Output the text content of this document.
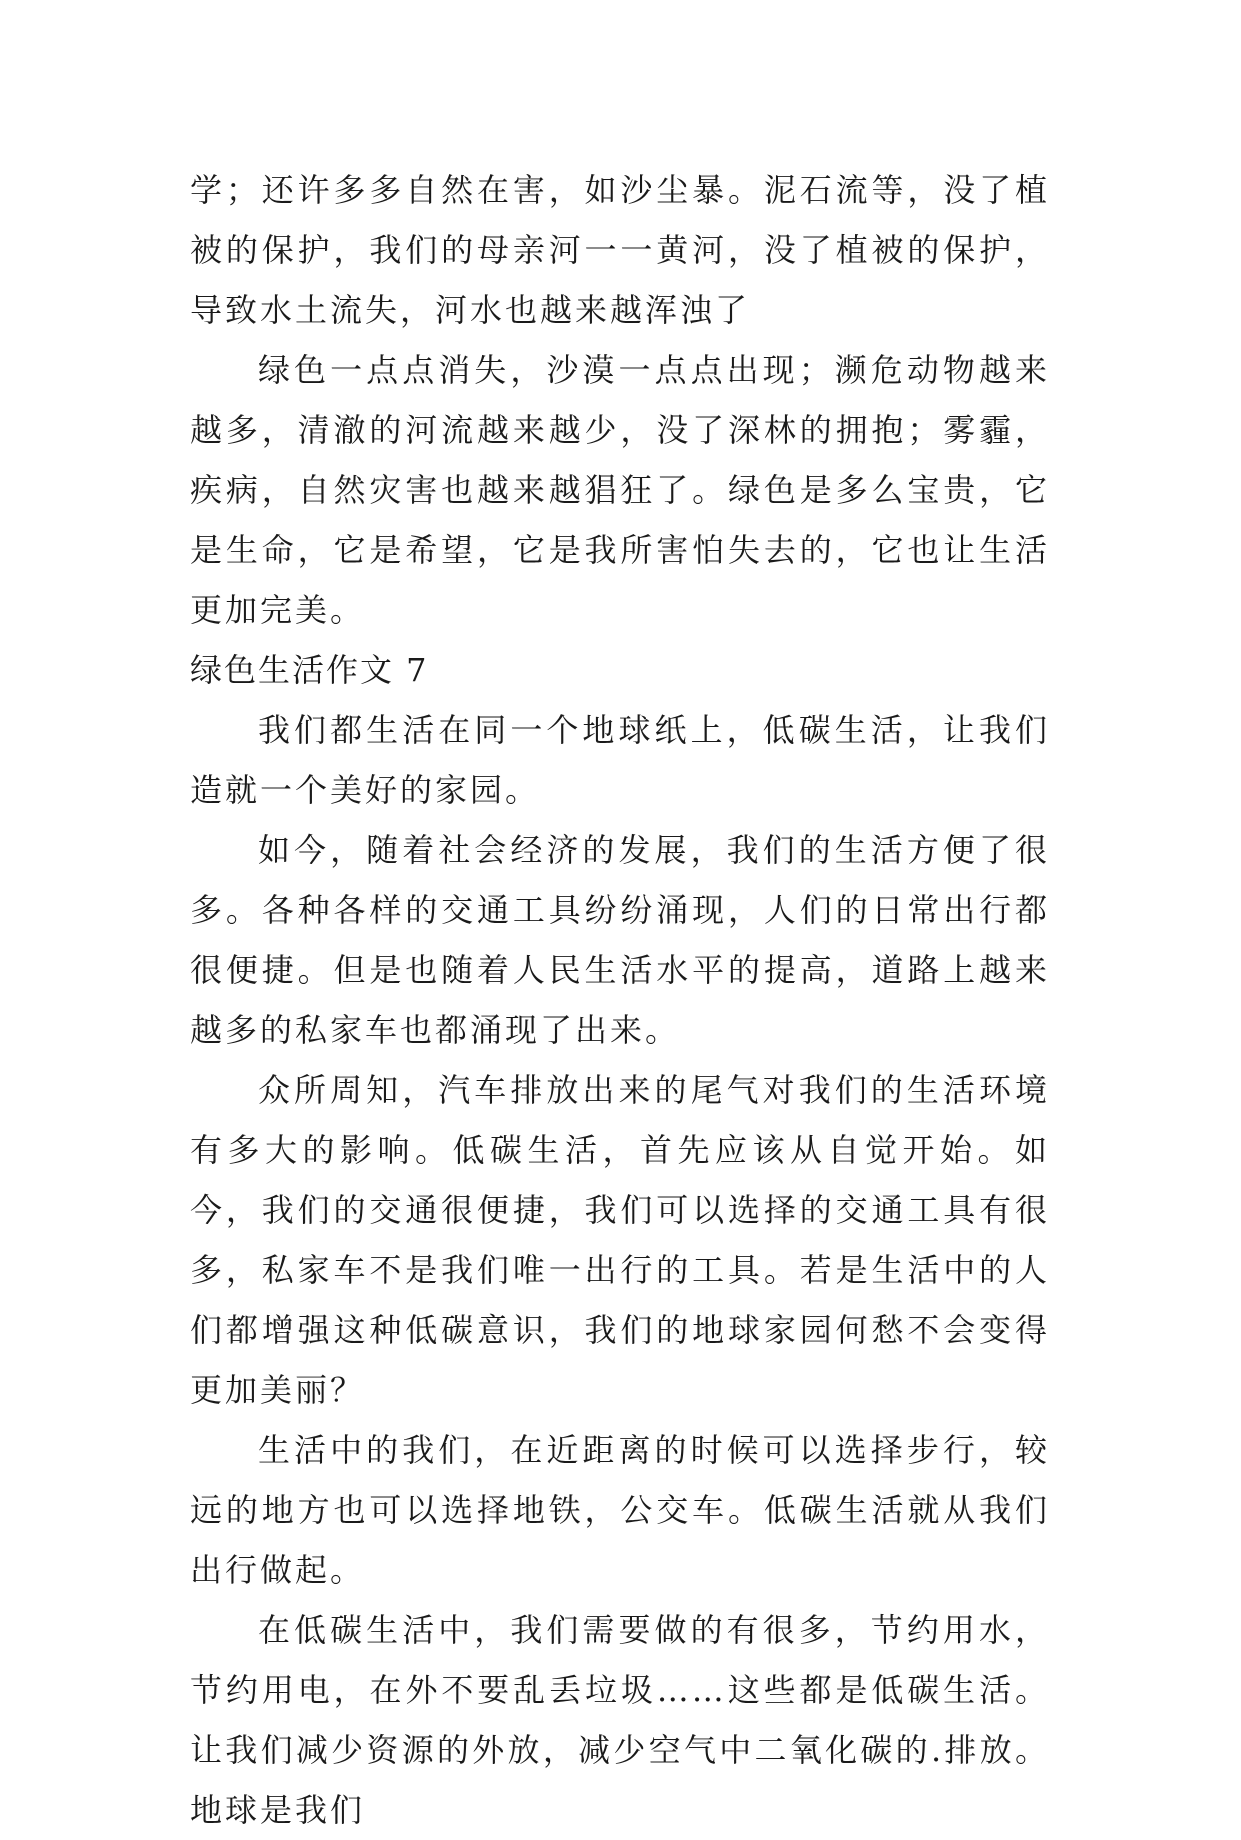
学；还许多多自然在害，如沙尘暴。泥石流等，没了植被的保护，我们的母亲河一一黄河，没了植被的保护，导致水土流失，河水也越来越浑浊了

绿色一点点消失，沙漠一点点出现；濒危动物越来越多，清澈的河流越来越少，没了深林的拥抱；雾霾，疾病，自然灾害也越来越猖狂了。绿色是多么宝贵，它是生命，它是希望，它是我所害怕失去的，它也让生活更加完美。

绿色生活作文 7

我们都生活在同一个地球纸上，低碳生活，让我们造就一个美好的家园。

如今，随着社会经济的发展，我们的生活方便了很多。各种各样的交通工具纷纷涌现，人们的日常出行都很便捷。但是也随着人民生活水平的提高，道路上越来越多的私家车也都涌现了出来。

众所周知，汽车排放出来的尾气对我们的生活环境有多大的影响。低碳生活，首先应该从自觉开始。如今，我们的交通很便捷，我们可以选择的交通工具有很多，私家车不是我们唯一出行的工具。若是生活中的人们都增强这种低碳意识，我们的地球家园何愁不会变得更加美丽？

生活中的我们，在近距离的时候可以选择步行，较远的地方也可以选择地铁，公交车。低碳生活就从我们出行做起。

在低碳生活中，我们需要做的有很多，节约用水，节约用电，在外不要乱丢垃圾……这些都是低碳生活。让我们减少资源的外放，减少空气中二氧化碳的.排放。地球是我们
